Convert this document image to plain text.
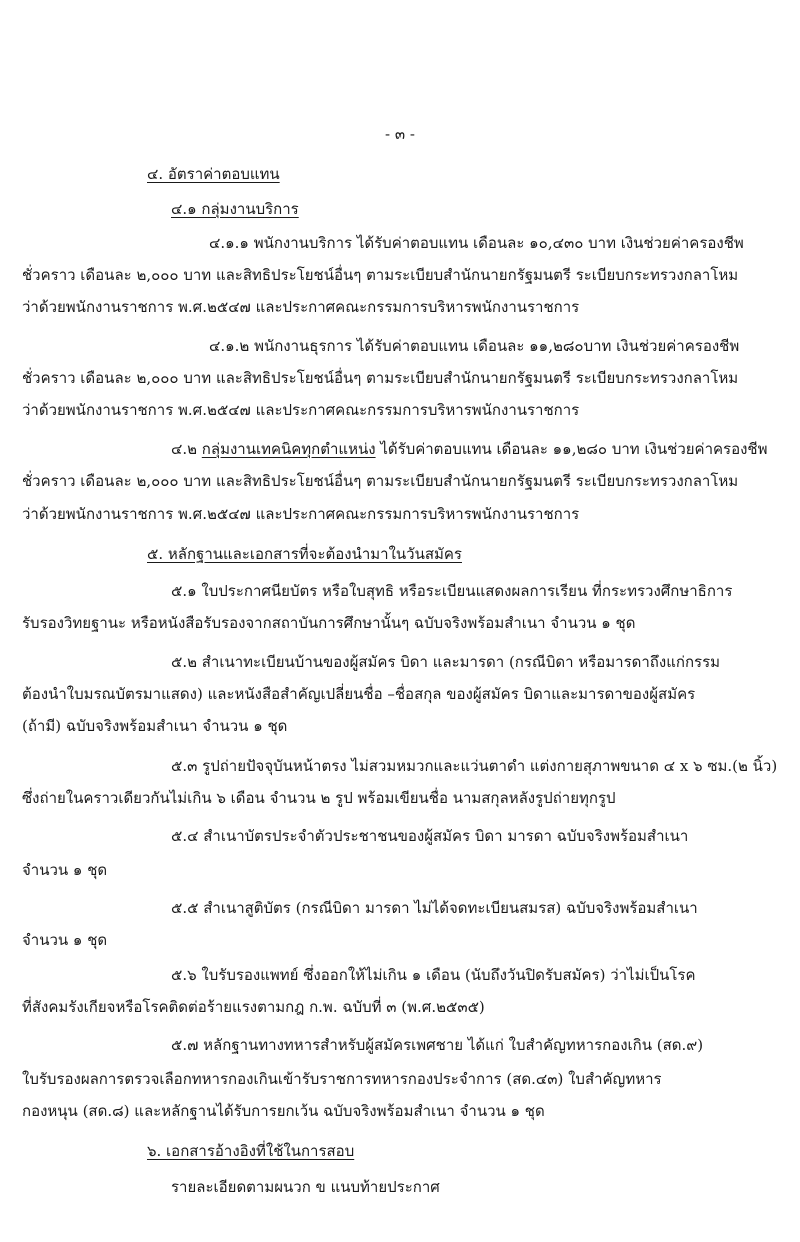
- ๓ -
๔. อัตราค่าตอบแทน
๔.๑ กลุ่มงานบริการ
๔.๑.๑ พนักงานบริการ ได้รับค่าตอบแทน เดือนละ ๑๐,๔๓๐ บาท เงินช่วยค่าครองชีพ
ชั่วคราว เดือนละ ๒,๐๐๐ บาท และสิทธิประโยชน์อื่นๆ ตามระเบียบสำนักนายกรัฐมนตรี ระเบียบกระทรวงกลาโหม
ว่าด้วยพนักงานราชการ พ.ศ.๒๕๔๗ และประกาศคณะกรรมการบริหารพนักงานราชการ
๔.๑.๒ พนักงานธุรการ ได้รับค่าตอบแทน เดือนละ ๑๑,๒๘๐บาท เงินช่วยค่าครองชีพ
ชั่วคราว เดือนละ ๒,๐๐๐ บาท และสิทธิประโยชน์อื่นๆ ตามระเบียบสำนักนายกรัฐมนตรี ระเบียบกระทรวงกลาโหม
ว่าด้วยพนักงานราชการ พ.ศ.๒๕๔๗ และประกาศคณะกรรมการบริหารพนักงานราชการ
๔.๒ กลุ่มงานเทคนิคทุกตำแหน่ง ได้รับค่าตอบแทน เดือนละ ๑๑,๒๘๐ บาท เงินช่วยค่าครองชีพ
ชั่วคราว เดือนละ ๒,๐๐๐ บาท และสิทธิประโยชน์อื่นๆ ตามระเบียบสำนักนายกรัฐมนตรี ระเบียบกระทรวงกลาโหม
ว่าด้วยพนักงานราชการ พ.ศ.๒๕๔๗ และประกาศคณะกรรมการบริหารพนักงานราชการ
๕. หลักฐานและเอกสารที่จะต้องนำมาในวันสมัคร
๕.๑ ใบประกาศนียบัตร หรือใบสุทธิ หรือระเบียนแสดงผลการเรียน ที่กระทรวงศึกษาธิการ
รับรองวิทยฐานะ หรือหนังสือรับรองจากสถาบันการศึกษานั้นๆ ฉบับจริงพร้อมสำเนา จำนวน ๑ ชุด
๕.๒ สำเนาทะเบียนบ้านของผู้สมัคร บิดา และมารดา (กรณีบิดา หรือมารดาถึงแก่กรรม
ต้องนำใบมรณบัตรมาแสดง) และหนังสือสำคัญเปลี่ยนชื่อ –ชื่อสกุล ของผู้สมัคร บิดาและมารดาของผู้สมัคร
(ถ้ามี) ฉบับจริงพร้อมสำเนา จำนวน ๑ ชุด
๕.๓ รูปถ่ายปัจจุบันหน้าตรง ไม่สวมหมวกและแว่นตาดำ แต่งกายสุภาพขนาด ๔ x ๖ ซม.(๒ นิ้ว)
ซึ่งถ่ายในคราวเดียวกันไม่เกิน ๖ เดือน จำนวน ๒ รูป พร้อมเขียนชื่อ นามสกุลหลังรูปถ่ายทุกรูป
๕.๔ สำเนาบัตรประจำตัวประชาชนของผู้สมัคร บิดา มารดา ฉบับจริงพร้อมสำเนา
จำนวน ๑ ชุด
๕.๕ สำเนาสูติบัตร (กรณีบิดา มารดา ไม่ได้จดทะเบียนสมรส) ฉบับจริงพร้อมสำเนา
จำนวน ๑ ชุด
๕.๖ ใบรับรองแพทย์ ซึ่งออกให้ไม่เกิน ๑ เดือน (นับถึงวันปิดรับสมัคร) ว่าไม่เป็นโรค
ที่สังคมรังเกียจหรือโรคติดต่อร้ายแรงตามกฎ ก.พ. ฉบับที่ ๓ (พ.ศ.๒๕๓๕)
๕.๗ หลักฐานทางทหารสำหรับผู้สมัครเพศชาย ได้แก่ ใบสำคัญทหารกองเกิน (สด.๙)
ใบรับรองผลการตรวจเลือกทหารกองเกินเข้ารับราชการทหารกองประจำการ (สด.๔๓) ใบสำคัญทหาร
กองหนุน (สด.๘) และหลักฐานได้รับการยกเว้น ฉบับจริงพร้อมสำเนา จำนวน ๑ ชุด
๖. เอกสารอ้างอิงที่ใช้ในการสอบ
รายละเอียดตามผนวก ข แนบท้ายประกาศ
